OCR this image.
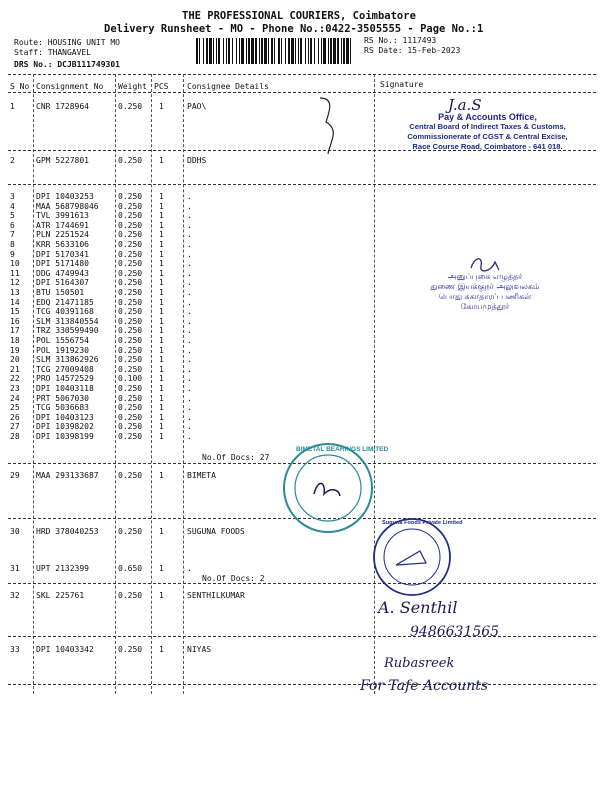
THE PROFESSIONAL COURIERS, Coimbatore
Delivery Runsheet - MO - Phone No.:0422-3505555 - Page No.:1
Route: HOUSING UNIT MO
Staff: THANGAVEL
DRS No.: DCJB111749301
RS No.: 1117493
RS Date: 15-Feb-2023
S No Consignment No Weight PCS Consignee Details	Signature
1	CNR 1728964	0.250 1	PAO\
2	GPM 5227801	0.250 1	DDHS
3	DPI 10403253	0.250 1	.
4	MAA 568798046 0.250 1	.
5	TVL 3991613	0.250 1	.
6	ATR 1744691	0.250 1	.
7	PLN 2251524	0.250 1	.
8	KRR 5633106	0.250 1	.
9	DPI 5170341	0.250 1	.
10 DPI 5171480	0.250 1	.
11 DDG 4749943	0.250 1	.
12 DPI 5164307	0.250 1	.
13 BTU 150501	0.250 1	.
14 EDQ 21471185	0.250 1	.
15 TCG 40391168	0.250 1	.
16 SLM 313840554 0.250 1	.
17 TRZ 330599490 0.250 1	.
18 POL 1556754	0.250 1	.
19 POL 1919230	0.250 1	.
20 SLM 313862926 0.250 1	.
21 TCG 27009408	0.250 1	.
22 PRO 14572529	0.100 1	.
23 DPI 10403118	0.250 1	.
24 PRT 5067030	0.250 1	.
25 TCG 5036683	0.250 1	.
26 DPI 10403123	0.250 1	.
27 DPI 10398202	0.250 1	.
28 DPI 10398199	0.250 1	.
29 MAA 293133687 0.250 1	BIMETA
30 HRD 378040253 0.250 1	SUGUNA FOODS
31 UPT 2132399	0.650 1	.
32 SKL 225761	0.250 1	SENTHILKUMAR
33 DPI 10403342	0.250 1	NIYAS
No.Of Docs: 27
No.Of Docs: 2
J.a.S
Pay & Accounts Office,
Central Board of Indirect Taxes & Customs,
Commissionerate of CGST & Central Excise,
Race Course Road, Coimbatore - 641 018.
அனுப்புகை எழுத்தர்
துணை இயக்குநர் அலுவலகம்
பொது சுகாதாரப் பணிகள்
கோயமுத்தூர்
BIMETAL BEARINGS LIMITED
Suguna Foods Private Limited
A. Senthil
9486631565
Rubasreek
For Tafe Accounts
